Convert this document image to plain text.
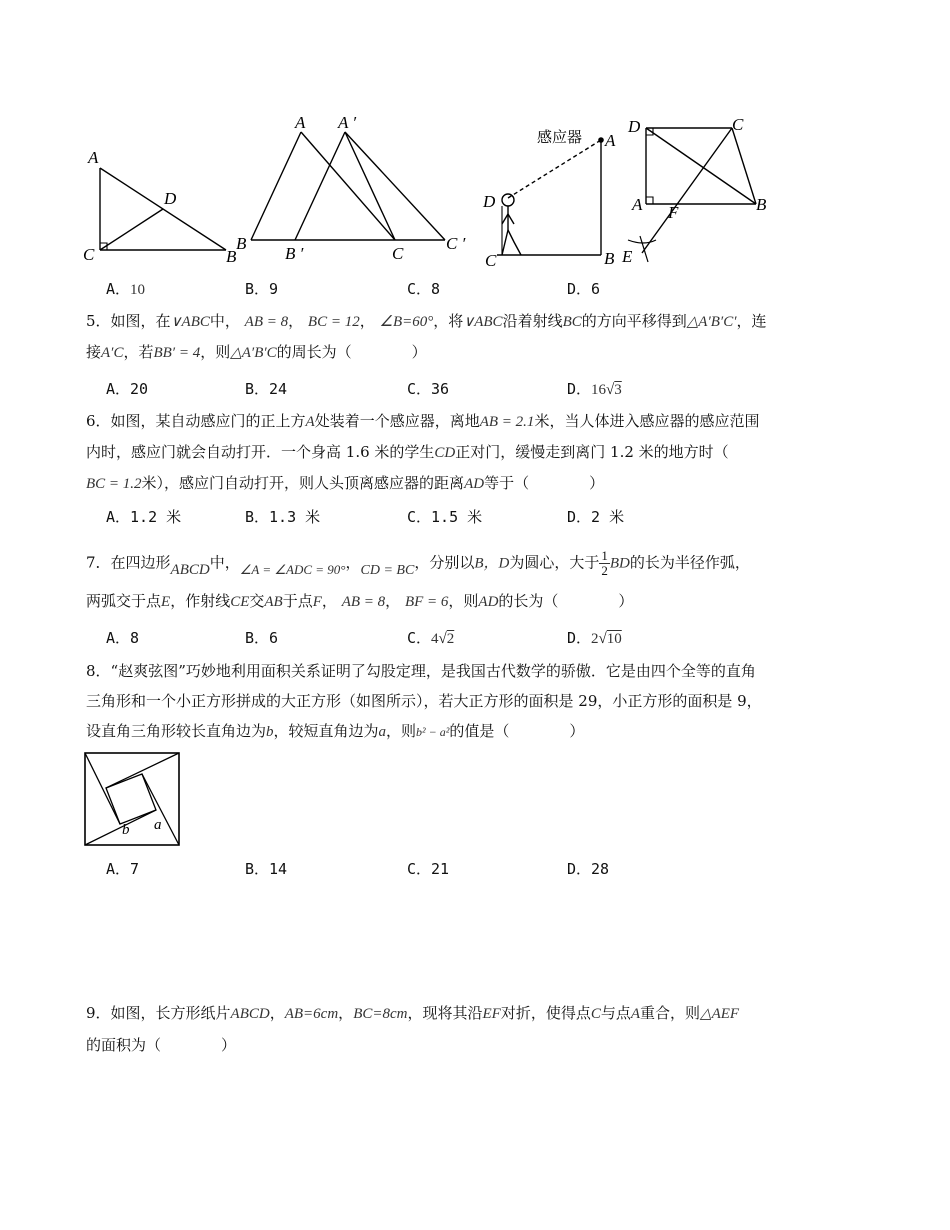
A
D
C	B
A A ′
B
B ′	C
C ′
感应器 A
D
C	B
D	C
A F	B
E
A．10	B．9	C．8	D．6
5．如图，在∨ABC中， AB = 8， BC = 12， ∠B=60°，将∨ABC沿着射线BC的方向平移得到△A′B′C′，连
接A′C，若BB′ = 4，则△A′B′C的周长为（　　　　）
A．20	B．24	C．36	D．16√3
6．如图，某自动感应门的正上方A处装着一个感应器，离地AB = 2.1米，当人体进入感应器的感应范围
内时，感应门就会自动打开．一个身高 1.6 米的学生CD正对门，缓慢走到离门 1.2 米的地方时（
BC = 1.2米），感应门自动打开，则人头顶离感应器的距离AD等于（　　　　）
A．1.2 米	B．1.3 米	C．1.5 米	D．2 米
7．在四边形ABCD中，∠A = ∠ADC = 90°，CD = BC，分别以B，D为圆心，大于 $\frac{1}{2}$ BD的长为半径作弧，
两弧交于点E，作射线CE交AB于点F， AB = 8， BF = 6，则AD的长为（　　　　）
A．8	B．6	C．4√2	D．2√10
8．“赵爽弦图”巧妙地利用面积关系证明了勾股定理，是我国古代数学的骄傲．它是由四个全等的直角
三角形和一个小正方形拼成的大正方形（如图所示），若大正方形的面积是 29，小正方形的面积是 9，
设直角三角形较长直角边为b，较短直角边为a，则b² − a²的值是（　　　　）
b a
A．7	B．14	C．21	D．28
9．如图，长方形纸片ABCD，AB=6cm，BC=8cm，现将其沿EF对折，使得点C与点A重合，则△AEF
的面积为（　　　　）
